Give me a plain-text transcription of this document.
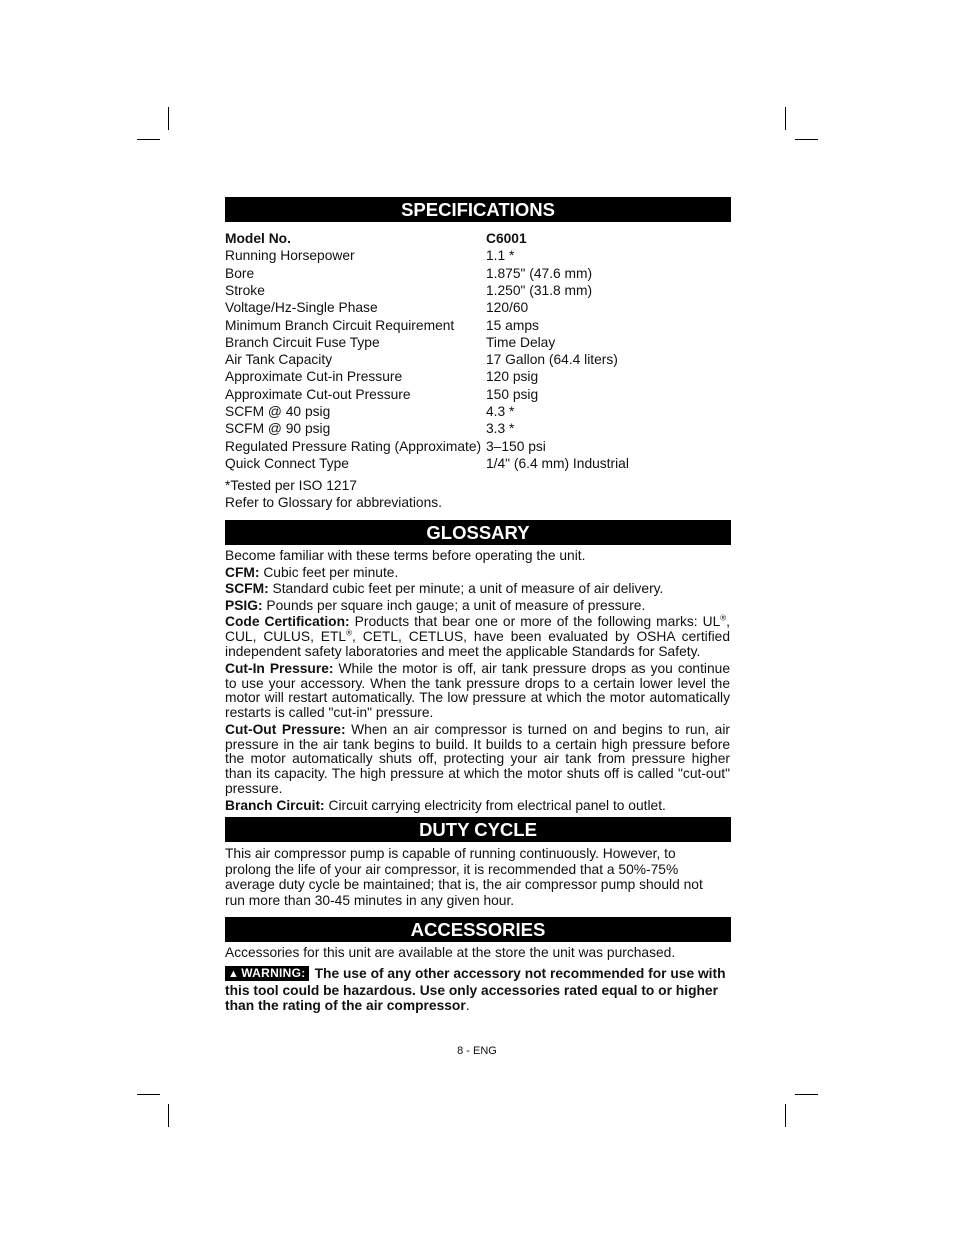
SPECIFICATIONS
Model No.	C6001
Running Horsepower	1.1 *
Bore	1.875" (47.6 mm)
Stroke	1.250" (31.8 mm)
Voltage/Hz-Single Phase	120/60
Minimum Branch Circuit Requirement 15 amps
Branch Circuit Fuse Type	Time Delay
Air Tank Capacity	17 Gallon (64.4 liters)
Approximate Cut-in Pressure	120 psig
Approximate Cut-out Pressure	150 psig
SCFM @ 40 psig	4.3 *
SCFM @ 90 psig	3.3 *
Regulated Pressure Rating (Approximate) 3–150 psi
Quick Connect Type	1/4" (6.4 mm) Industrial
*Tested per ISO 1217
Refer to Glossary for abbreviations.
GLOSSARY
Become familiar with these terms before operating the unit.
CFM: Cubic feet per minute.
SCFM: Standard cubic feet per minute; a unit of measure of air delivery.
PSIG: Pounds per square inch gauge; a unit of measure of pressure.
Code Certification: Products that bear one or more of the following marks: UL®,
CUL, CULUS, ETL®, CETL, CETLUS, have been evaluated by OSHA certified
independent safety laboratories and meet the applicable Standards for Safety.
Cut-In Pressure: While the motor is off, air tank pressure drops as you continue
to use your accessory. When the tank pressure drops to a certain lower level the
motor will restart automatically. The low pressure at which the motor automatically
restarts is called "cut-in" pressure.
Cut-Out Pressure: When an air compressor is turned on and begins to run, air
pressure in the air tank begins to build. It builds to a certain high pressure before
the motor automatically shuts off, protecting your air tank from pressure higher
than its capacity. The high pressure at which the motor shuts off is called "cut-out"
pressure.
Branch Circuit: Circuit carrying electricity from electrical panel to outlet.
DUTY CYCLE
This air compressor pump is capable of running continuously. However, to
prolong the life of your air compressor, it is recommended that a 50%-75%
average duty cycle be maintained; that is, the air compressor pump should not
run more than 30-45 minutes in any given hour.
ACCESSORIES
Accessories for this unit are available at the store the unit was purchased.
▲ WARNING: The use of any other accessory not recommended for use with
this tool could be hazardous. Use only accessories rated equal to or higher
than the rating of the air compressor.
8 - ENG
